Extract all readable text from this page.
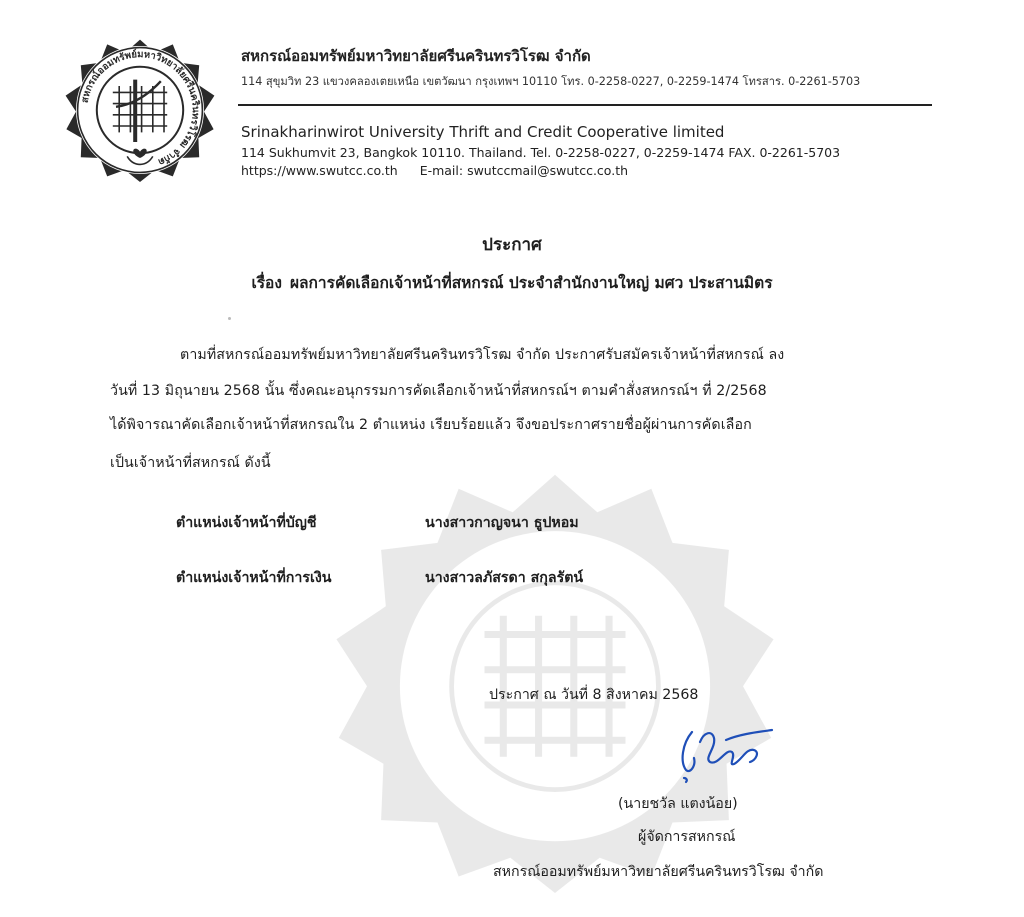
สหกรณ์ออมทรัพย์มหาวิทยาลัยศรีนครินทรวิโรฒ จำกัด
สหกรณ์ออมทรัพย์มหาวิทยาลัยศรีนครินทรวิโรฒ จำกัด
114 สุขุมวิท 23 แขวงคลองเตยเหนือ เขตวัฒนา กรุงเทพฯ 10110 โทร. 0-2258-0227, 0-2259-1474 โทรสาร. 0-2261-5703
Srinakharinwirot University Thrift and Credit Cooperative limited
114 Sukhumvit 23, Bangkok 10110. Thailand. Tel. 0-2258-0227, 0-2259-1474 FAX. 0-2261-5703
https://www.swutcc.co.th E-mail: swutccmail@swutcc.co.th
ประกาศ
เรื่อง ผลการคัดเลือกเจ้าหน้าที่สหกรณ์ ประจำสำนักงานใหญ่ มศว ประสานมิตร
ตามที่สหกรณ์ออมทรัพย์มหาวิทยาลัยศรีนครินทรวิโรฒ จำกัด ประกาศรับสมัครเจ้าหน้าที่สหกรณ์ ลง
วันที่ 13 มิถุนายน 2568 นั้น ซึ่งคณะอนุกรรมการคัดเลือกเจ้าหน้าที่สหกรณ์ฯ ตามคำสั่งสหกรณ์ฯ ที่ 2/2568
ได้พิจารณาคัดเลือกเจ้าหน้าที่สหกรณใน 2 ตำแหน่ง เรียบร้อยแล้ว จึงขอประกาศรายชื่อผู้ผ่านการคัดเลือก
เป็นเจ้าหน้าที่สหกรณ์ ดังนี้
ตำแหน่งเจ้าหน้าที่บัญชี	นางสาวกาญจนา ธูปหอม
ตำแหน่งเจ้าหน้าที่การเงิน	นางสาวลภัสรดา สกุลรัตน์
ประกาศ ณ วันที่ 8 สิงหาคม 2568
(นายชวัล แตงน้อย)
ผู้จัดการสหกรณ์
สหกรณ์ออมทรัพย์มหาวิทยาลัยศรีนครินทรวิโรฒ จำกัด
